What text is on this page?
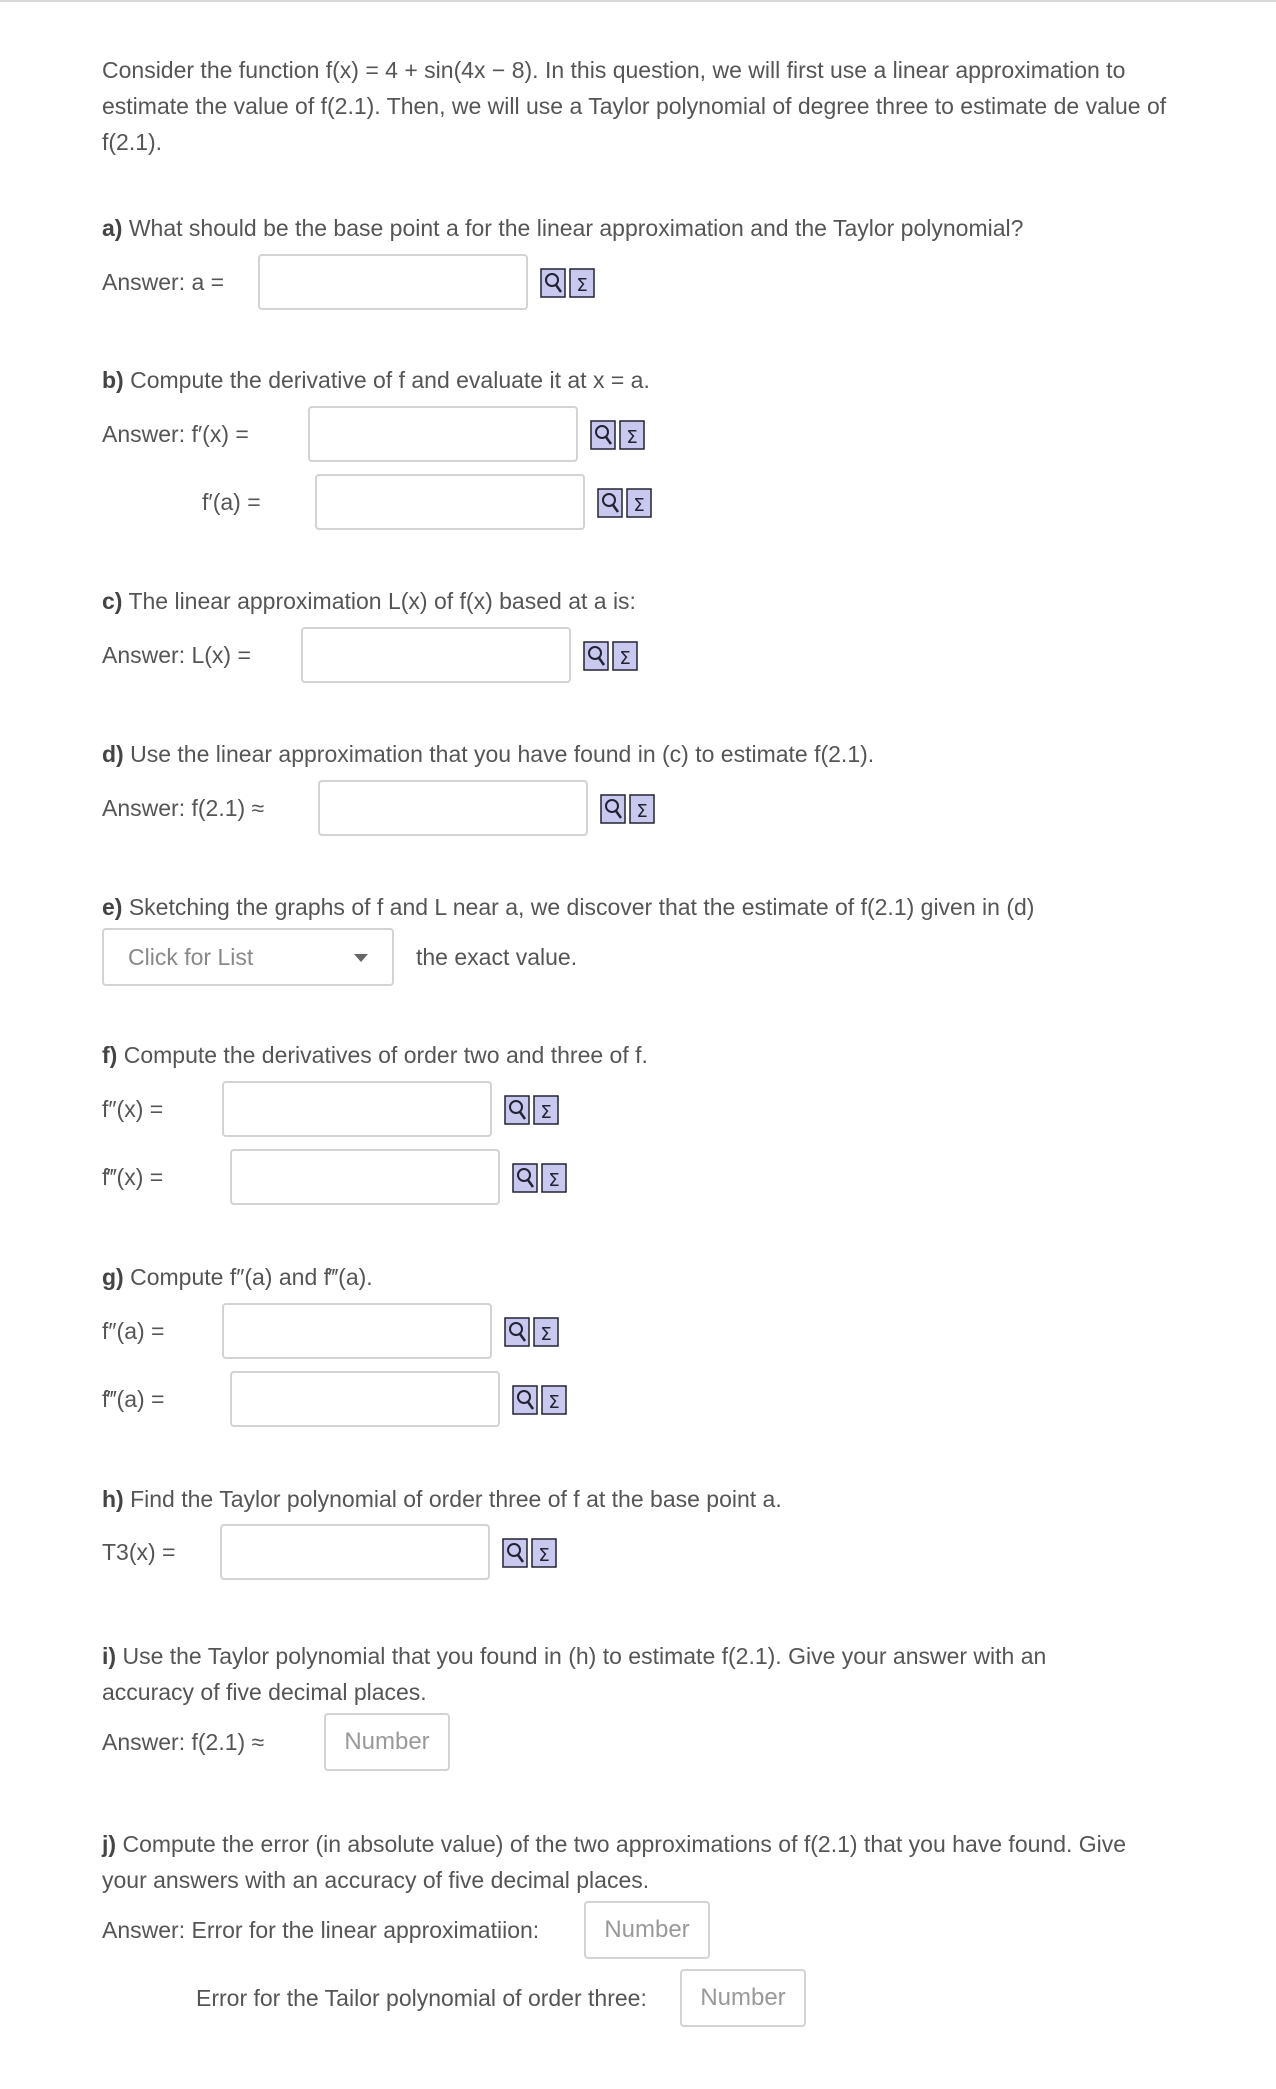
Consider the function f(x) = 4 + sin(4x − 8). In this question, we will first use a linear approximation to estimate the value of f(2.1). Then, we will use a Taylor polynomial of degree three to estimate de value of f(2.1).

a) What should be the base point a for the linear approximation and the Taylor polynomial?
Answer: a =	Σ
b) Compute the derivative of f and evaluate it at x = a.
Answer: f′(x) =	Σ
f′(a) =	Σ
c) The linear approximation L(x) of f(x) based at a is:
Answer: L(x) =	Σ
d) Use the linear approximation that you have found in (c) to estimate f(2.1).
Answer: f(2.1) ≈	Σ
e) Sketching the graphs of f and L near a, we discover that the estimate of f(2.1) given in (d)
Click for List	the exact value.
f) Compute the derivatives of order two and three of f.
f″(x) =	Σ
f‴(x) =	Σ
g) Compute f″(a) and f‴(a).
f″(a) =	Σ
f‴(a) =	Σ
h) Find the Taylor polynomial of order three of f at the base point a.
T3(x) =	Σ
i) Use the Taylor polynomial that you found in (h) to estimate f(2.1). Give your answer with an
accuracy of five decimal places.
Answer: f(2.1) ≈	Number
j) Compute the error (in absolute value) of the two approximations of f(2.1) that you have found. Give
your answers with an accuracy of five decimal places.
Answer: Error for the linear approximatiion:	Number
Error for the Tailor polynomial of order three:	Number
